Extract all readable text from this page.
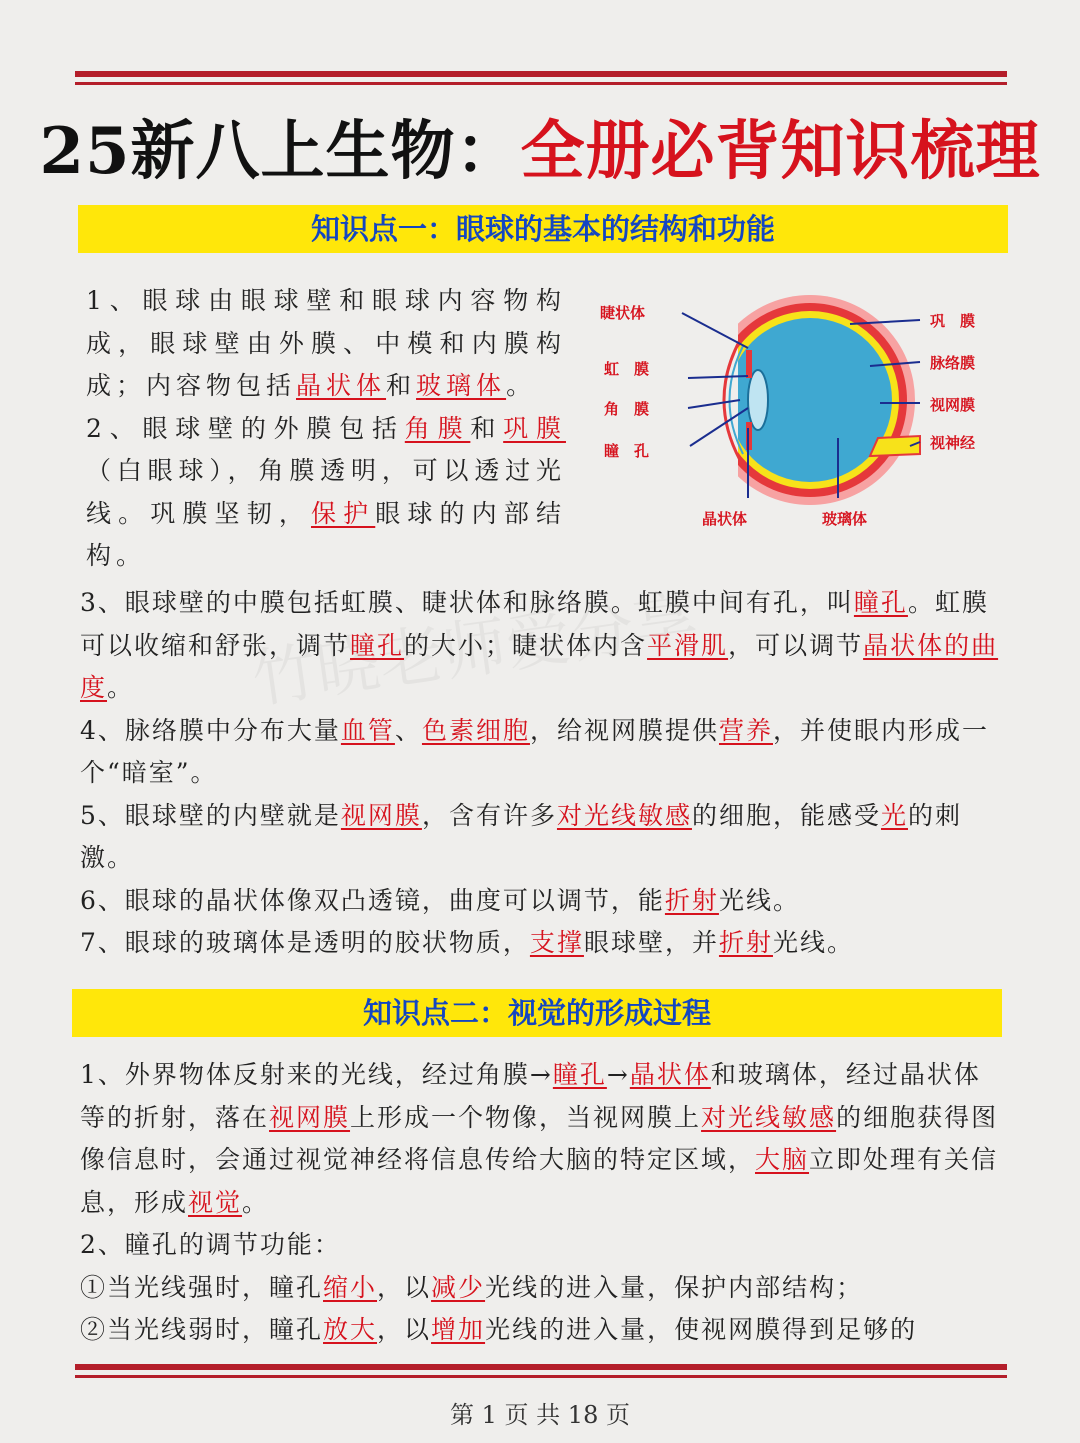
25新八上生物：全册必背知识梳理
知识点一：眼球的基本的结构和功能

1、眼球由眼球壁和眼球内容物构成，眼球壁由外膜、中模和内膜构成；内容物包括晶状体和玻璃体。

2、眼球壁的外膜包括角膜和巩膜（白眼球），角膜透明，可以透过光线。巩膜坚韧，保护眼球的内部结构。

睫状体
虹　膜
角　膜
瞳　孔
巩　膜
脉络膜
视网膜
视神经
晶状体	玻璃体

3、眼球壁的中膜包括虹膜、睫状体和脉络膜。虹膜中间有孔，叫瞳孔。虹膜可以收缩和舒张，调节瞳孔的大小；睫状体内含平滑肌，可以调节晶状体的曲度。

4、脉络膜中分布大量血管、色素细胞，给视网膜提供营养，并使眼内形成一个“暗室”。

5、眼球壁的内壁就是视网膜，含有许多对光线敏感的细胞，能感受光的刺激。

6、眼球的晶状体像双凸透镜，曲度可以调节，能折射光线。

7、眼球的玻璃体是透明的胶状物质，支撑眼球壁，并折射光线。

知识点二：视觉的形成过程

1、外界物体反射来的光线，经过角膜→瞳孔→晶状体和玻璃体，经过晶状体等的折射，落在视网膜上形成一个物像，当视网膜上对光线敏感的细胞获得图像信息时，会通过视觉神经将信息传给大脑的特定区域，大脑立即处理有关信息，形成视觉。

2、瞳孔的调节功能：

①当光线强时，瞳孔缩小，以减少光线的进入量，保护内部结构；

②当光线弱时，瞳孔放大，以增加光线的进入量，使视网膜得到足够的

第 1 页 共 18 页
